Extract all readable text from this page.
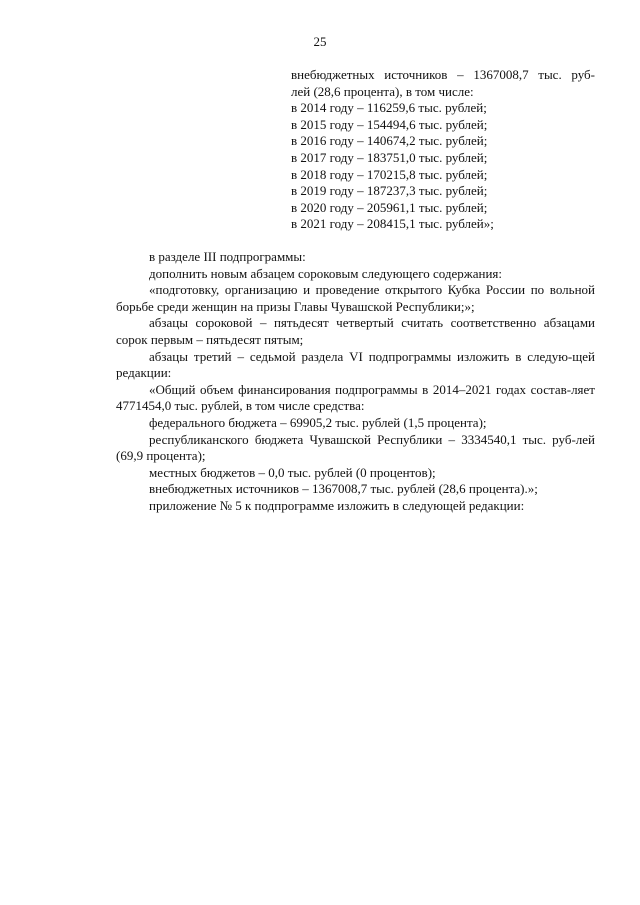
25
внебюджетных источников – 1367008,7 тыс. руб-
лей (28,6 процента), в том числе:
в 2014 году – 116259,6 тыс. рублей;
в 2015 году – 154494,6 тыс. рублей;
в 2016 году – 140674,2 тыс. рублей;
в 2017 году – 183751,0 тыс. рублей;
в 2018 году – 170215,8 тыс. рублей;
в 2019 году – 187237,3 тыс. рублей;
в 2020 году – 205961,1 тыс. рублей;
в 2021 году – 208415,1 тыс. рублей»;
в разделе III подпрограммы:
дополнить новым абзацем сороковым следующего содержания:
«подготовку, организацию и проведение открытого Кубка России по вольной борьбе среди женщин на призы Главы Чувашской Республики;»;
абзацы сороковой – пятьдесят четвертый считать соответственно абзацами сорок первым – пятьдесят пятым;
абзацы третий – седьмой раздела VI подпрограммы изложить в следую-щей редакции:
«Общий объем финансирования подпрограммы в 2014–2021 годах состав-ляет 4771454,0 тыс. рублей, в том числе средства:
федерального бюджета – 69905,2 тыс. рублей (1,5 процента);
республиканского бюджета Чувашской Республики – 3334540,1 тыс. руб-лей (69,9 процента);
местных бюджетов – 0,0 тыс. рублей (0 процентов);
внебюджетных источников – 1367008,7 тыс. рублей (28,6 процента).»;
приложение № 5 к подпрограмме изложить в следующей редакции:
